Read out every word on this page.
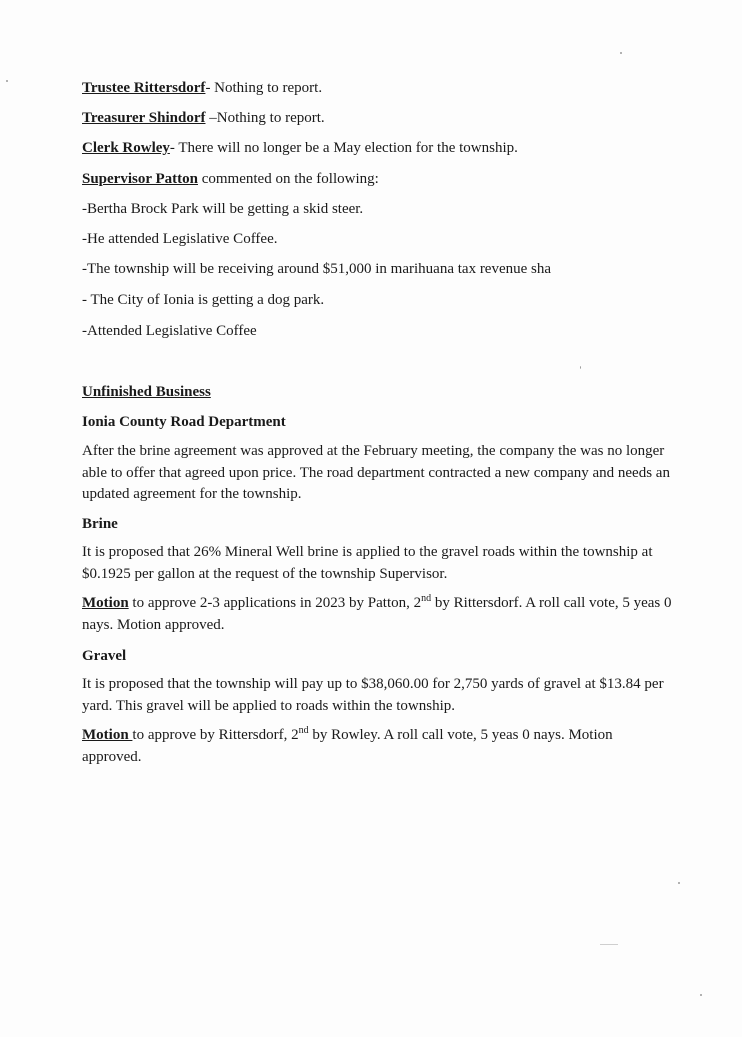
Trustee Rittersdorf- Nothing to report.
Treasurer Shindorf –Nothing to report.
Clerk Rowley- There will no longer be a May election for the township.
Supervisor Patton commented on the following:
-Bertha Brock Park will be getting a skid steer.
-He attended Legislative Coffee.
-The township will be receiving around $51,000 in marihuana tax revenue sha
- The City of Ionia is getting a dog park.
-Attended Legislative Coffee
Unfinished Business
Ionia County Road Department
After the brine agreement was approved at the February meeting, the company the was no longer able to offer that agreed upon price. The road department contracted a new company and needs an updated agreement for the township.
Brine
It is proposed that 26% Mineral Well brine is applied to the gravel roads within the township at $0.1925 per gallon at the request of the township Supervisor.
Motion to approve 2-3 applications in 2023 by Patton, 2nd by Rittersdorf. A roll call vote, 5 yeas 0 nays. Motion approved.
Gravel
It is proposed that the township will pay up to $38,060.00 for 2,750 yards of gravel at $13.84 per yard. This gravel will be applied to roads within the township.
Motion to approve by Rittersdorf, 2nd by Rowley. A roll call vote, 5 yeas 0 nays. Motion approved.
